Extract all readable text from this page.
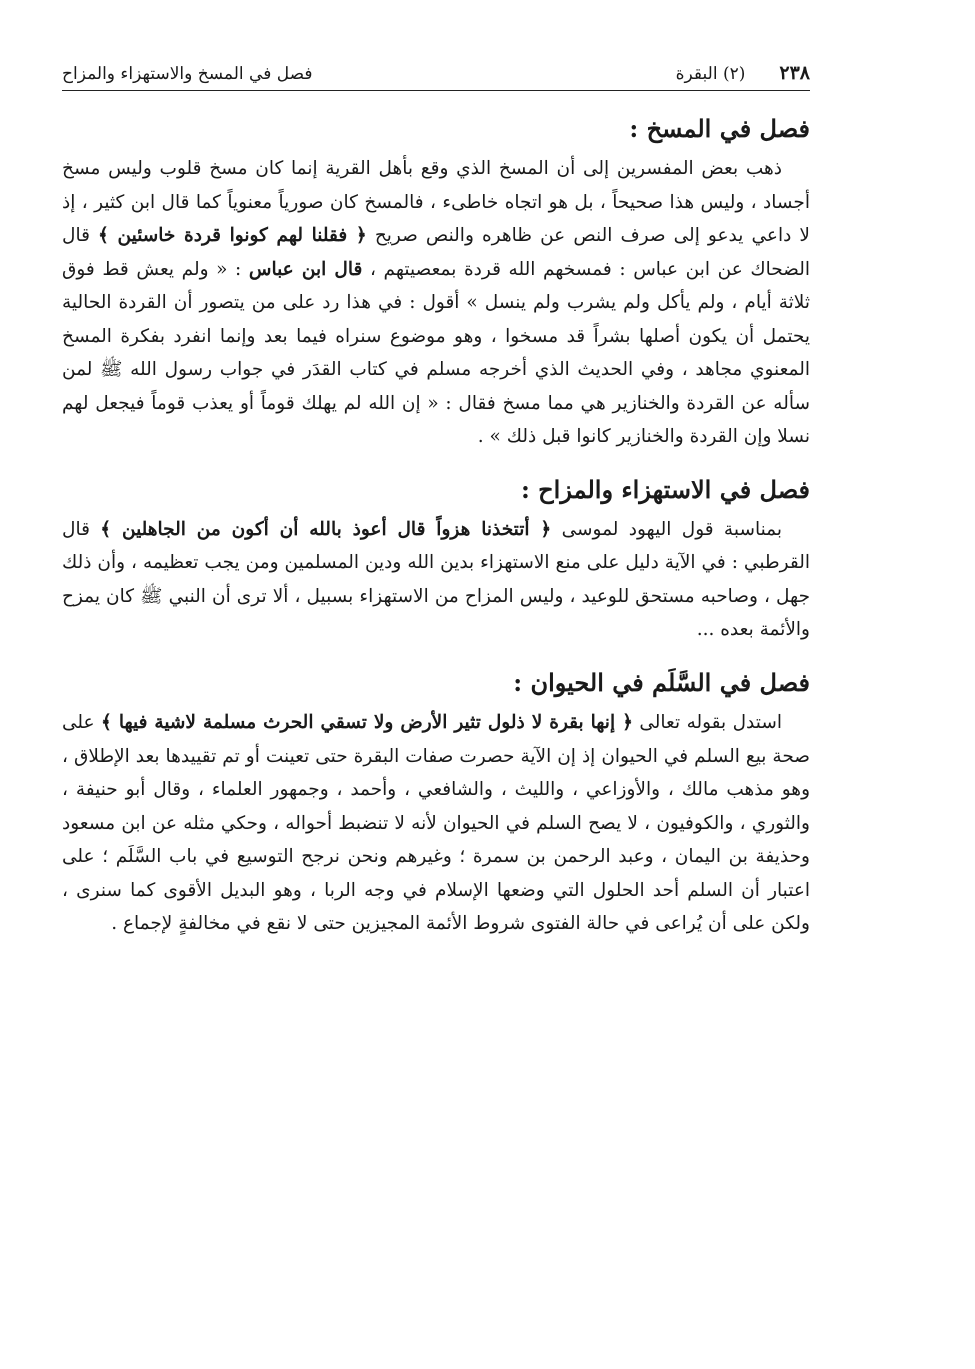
٢٣٨
(٢) البقرة
فصل في المسخ والاستهزاء والمزاح
فصل في المسخ :

ذهب بعض المفسرين إلى أن المسخ الذي وقع بأهل القرية إنما كان مسخ قلوب وليس مسخ أجساد ، وليس هذا صحيحاً ، بل هو اتجاه خاطىء ، فالمسخ كان صورياً معنوياً كما قال ابن كثير ، إذ لا داعي يدعو إلى صرف النص عن ظاهره والنص صريح ﴿ فقلنا لهم كونوا قردة خاسئين ﴾ قال الضحاك عن ابن عباس : فمسخهم الله قردة بمعصيتهم ، قال ابن عباس : « ولم يعش قط فوق ثلاثة أيام ، ولم يأكل ولم يشرب ولم ينسل » أقول : في هذا رد على من يتصور أن القردة الحالية يحتمل أن يكون أصلها بشراً قد مسخوا ، وهو موضوع سنراه فيما بعد وإنما انفرد بفكرة المسخ المعنوي مجاهد ، وفي الحديث الذي أخرجه مسلم في كتاب القدَر في جواب رسول الله ﷺ لمن سأله عن القردة والخنازير هي مما مسخ فقال : « إن الله لم يهلك قوماً أو يعذب قوماً فيجعل لهم نسلا وإن القردة والخنازير كانوا قبل ذلك » .

فصل في الاستهزاء والمزاح :

بمناسبة قول اليهود لموسى ﴿ أتتخذنا هزواً قال أعوذ بالله أن أكون من الجاهلين ﴾ قال القرطبي : في الآية دليل على منع الاستهزاء بدين الله ودين المسلمين ومن يجب تعظيمه ، وأن ذلك جهل ، وصاحبه مستحق للوعيد ، وليس المزاح من الاستهزاء بسبيل ، ألا ترى أن النبي ﷺ كان يمزح والأئمة بعده ...

فصل في السَّلَم في الحيوان :

استدل بقوله تعالى ﴿ إنها بقرة لا ذلول تثير الأرض ولا تسقي الحرث مسلمة لاشية فيها ﴾ على صحة بيع السلم في الحيوان إذ إن الآية حصرت صفات البقرة حتى تعينت أو تم تقييدها بعد الإطلاق ، وهو مذهب مالك ، والأوزاعي ، والليث ، والشافعي ، وأحمد ، وجمهور العلماء ، وقال أبو حنيفة ، والثوري ، والكوفيون ، لا يصح السلم في الحيوان لأنه لا تنضبط أحواله ، وحكي مثله عن ابن مسعود وحذيفة بن اليمان ، وعبد الرحمن بن سمرة ؛ وغيرهم ونحن نرجح التوسيع في باب السَّلَم ؛ على اعتبار أن السلم أحد الحلول التي وضعها الإسلام في وجه الربا ، وهو البديل الأقوى كما سنرى ، ولكن على أن يُراعى في حالة الفتوى شروط الأئمة المجيزين حتى لا نقع في مخالفةٍ لإجماع .
